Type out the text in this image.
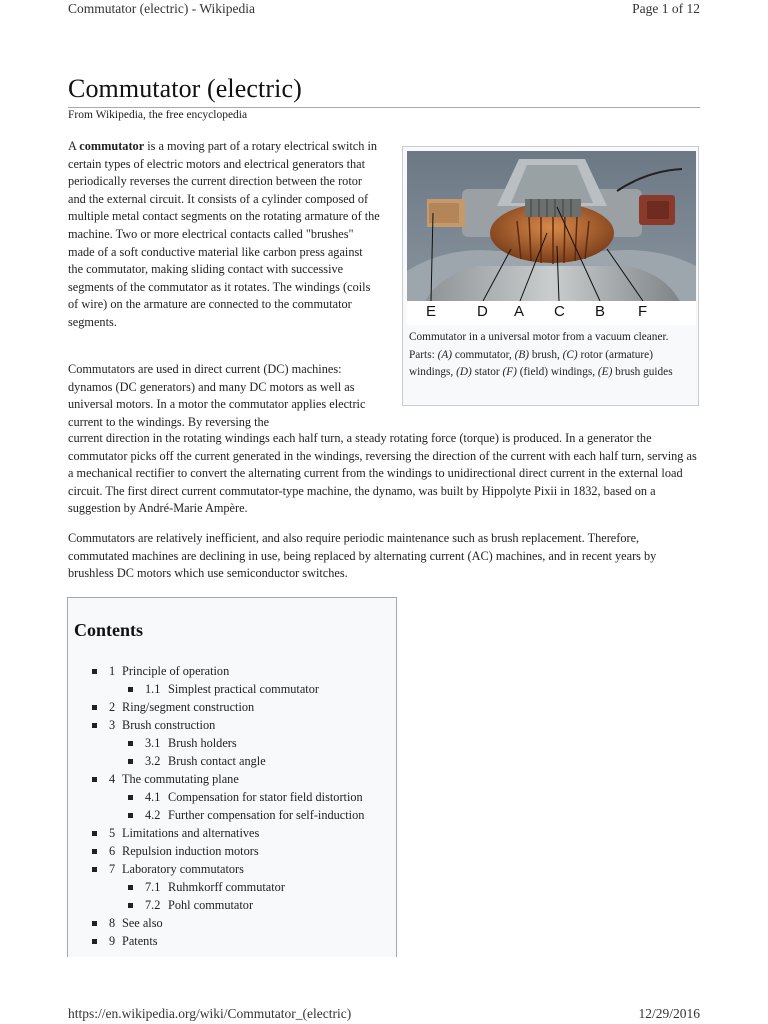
Commutator (electric) - Wikipedia	Page 1 of 12
Commutator (electric)
From Wikipedia, the free encyclopedia

A commutator is a moving part of a rotary electrical switch in certain types of electric motors and electrical generators that periodically reverses the current direction between the rotor and the external circuit. It consists of a cylinder composed of multiple metal contact segments on the rotating armature of the machine. Two or more electrical contacts called "brushes" made of a soft conductive material like carbon press against the commutator, making sliding contact with successive segments of the commutator as it rotates. The windings (coils of wire) on the armature are connected to the commutator segments.

Commutators are used in direct current (DC) machines: dynamos (DC generators) and many DC motors as well as universal motors. In a motor the commutator applies electric current to the windings. By reversing the

current direction in the rotating windings each half turn, a steady rotating force (torque) is produced. In a generator the commutator picks off the current generated in the windings, reversing the direction of the current with each half turn, serving as a mechanical rectifier to convert the alternating current from the windings to unidirectional direct current in the external load circuit. The first direct current commutator-type machine, the dynamo, was built by Hippolyte Pixii in 1832, based on a suggestion by André-Marie Ampère.

Commutators are relatively inefficient, and also require periodic maintenance such as brush replacement. Therefore, commutated machines are declining in use, being replaced by alternating current (AC) machines, and in recent years by brushless DC motors which use semiconductor switches.

E	D A C B F
Commutator in a universal motor from a vacuum cleaner. Parts: (A) commutator, (B) brush, (C) rotor (armature) windings, (D) stator (F) (field) windings, (E) brush guides
Contents
1 Principle of operation
1.1 Simplest practical commutator
2 Ring/segment construction
3 Brush construction
3.1 Brush holders
3.2 Brush contact angle
4 The commutating plane
4.1 Compensation for stator field distortion
4.2 Further compensation for self-induction
5 Limitations and alternatives
6 Repulsion induction motors
7 Laboratory commutators
7.1 Ruhmkorff commutator
7.2 Pohl commutator
8 See also
9 Patents
https://en.wikipedia.org/wiki/Commutator_(electric)	12/29/2016
